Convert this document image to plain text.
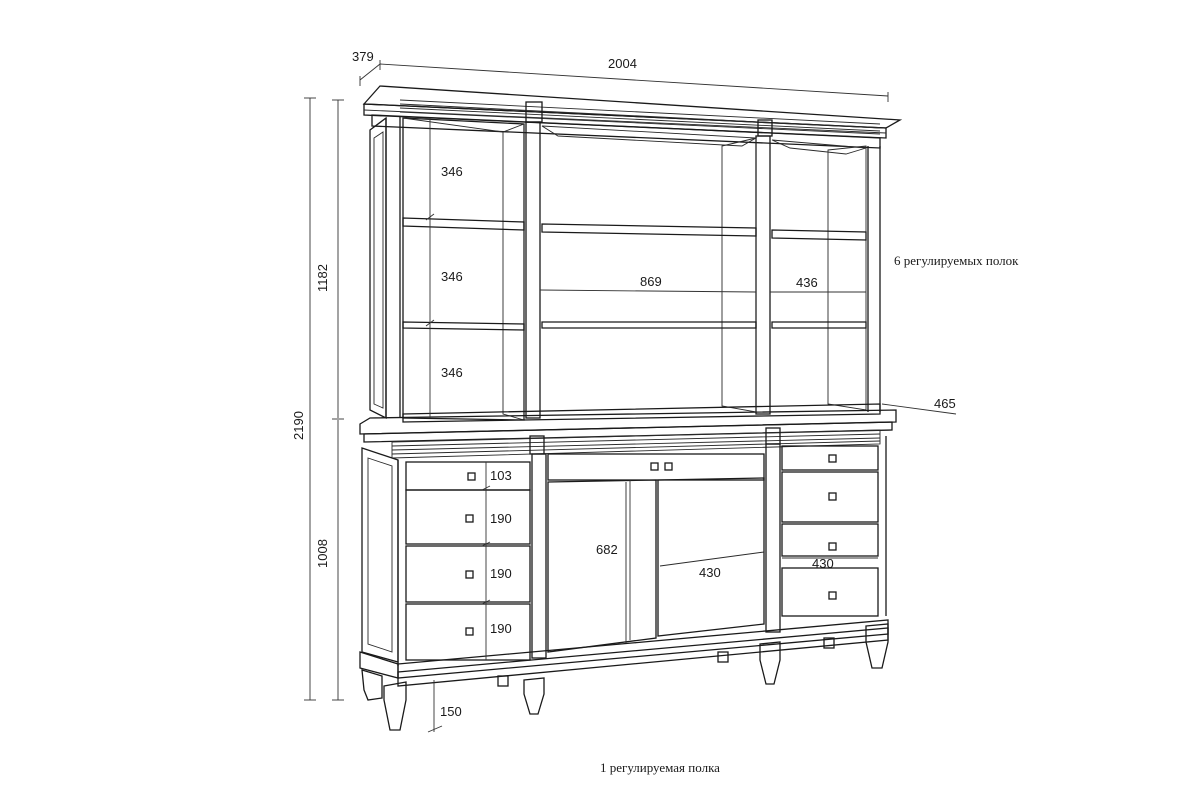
379	2004
2190
1182
1008
465
150
346
346
346
869	436
103
190
190
190
682
430
430
6 регулируемых полок
1 регулируемая полка
